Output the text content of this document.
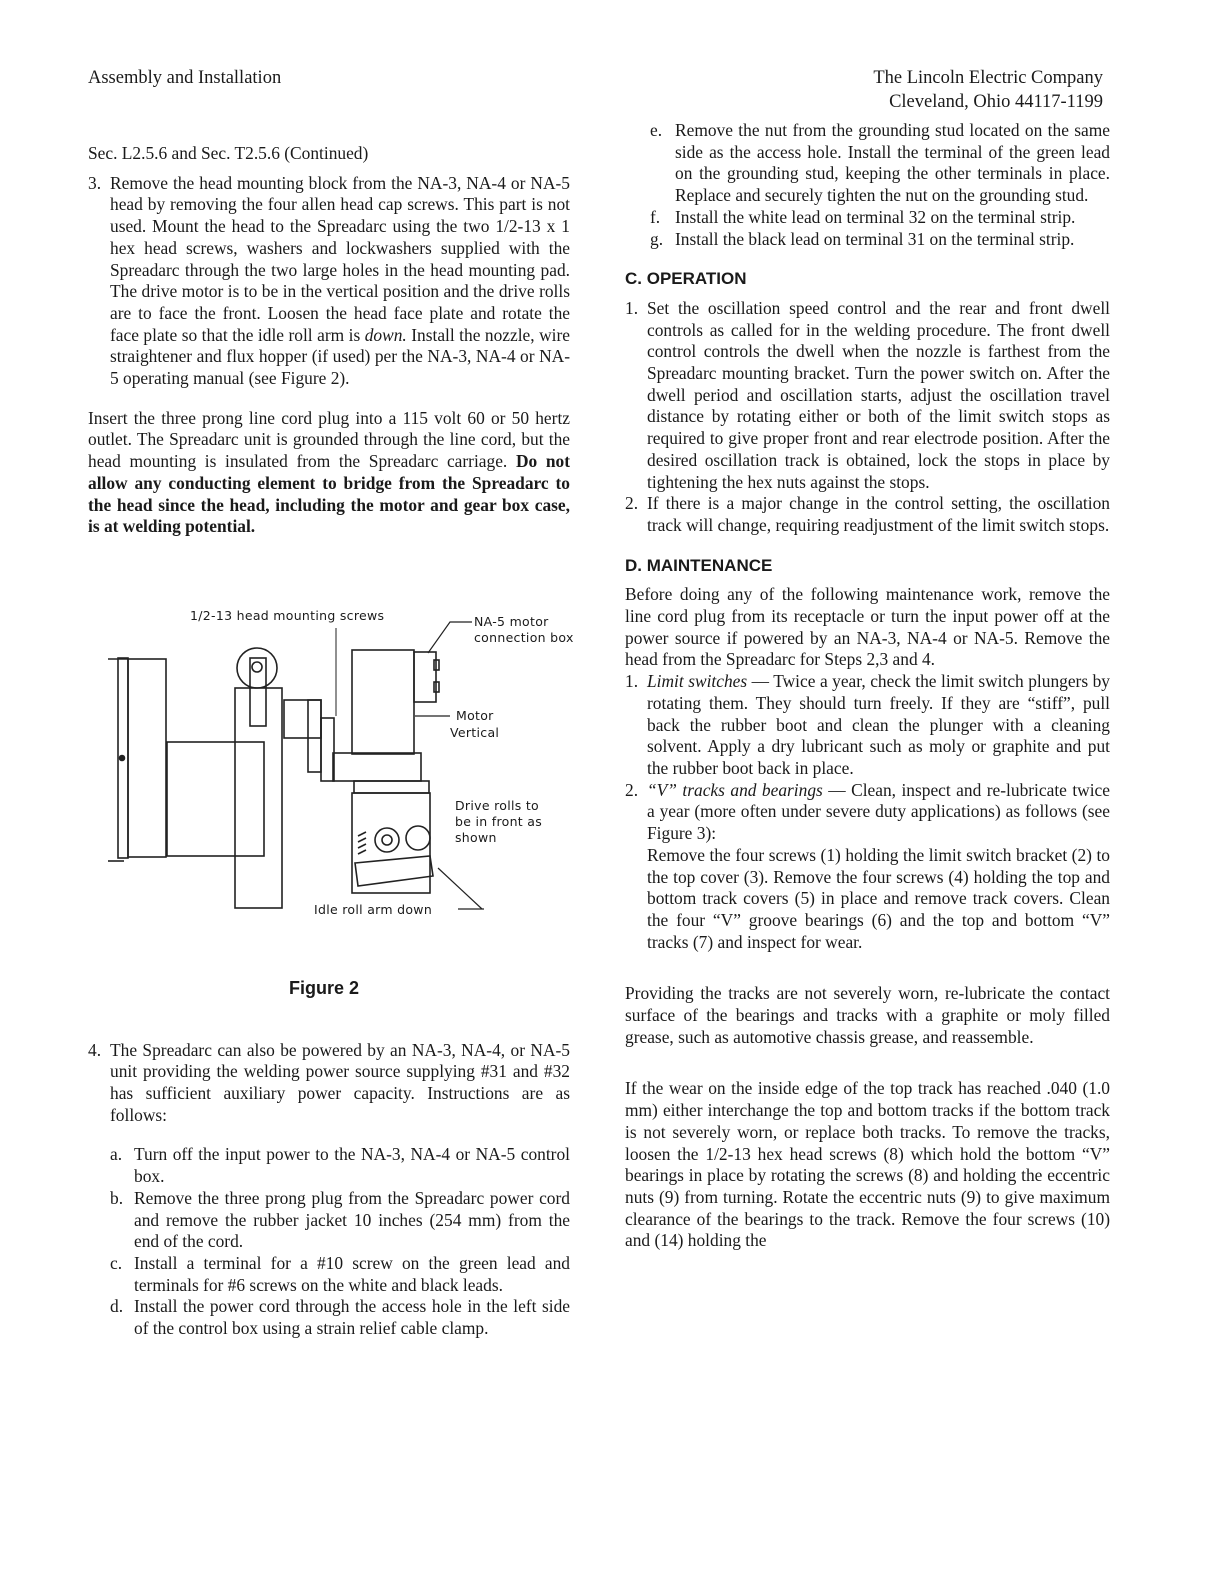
Assembly and Installation	The Lincoln Electric Company
Cleveland, Ohio 44117-1199
Sec. L2.5.6 and Sec. T2.5.6 (Continued)
3. Remove the head mounting block from the NA-3, NA-4 or NA-5 head by removing the four allen head cap screws. This part is not used. Mount the head to the Spreadarc using the two 1/2-13 x 1 hex head screws, washers and lockwashers supplied with the Spreadarc through the two large holes in the head mounting pad. The drive motor is to be in the vertical position and the drive rolls are to face the front. Loosen the head face plate and rotate the face plate so that the idle roll arm is down. Install the nozzle, wire straightener and flux hopper (if used) per the NA-3, NA-4 or NA-5 operating manual (see Figure 2).
Insert the three prong line cord plug into a 115 volt 60 or 50 hertz outlet. The Spreadarc unit is grounded through the line cord, but the head mounting is insulated from the Spreadarc carriage. Do not allow any conducting element to bridge from the Spreadarc to the head since the head, including the motor and gear box case, is at welding potential.
1/2-13 head mounting screws	NA-5 motor
connection box
Motor
Vertical
Drive rolls to
be in front as
shown
Idle roll arm down
Figure 2
4. The Spreadarc can also be powered by an NA-3, NA-4, or NA-5 unit providing the welding power source supplying #31 and #32 has sufficient auxiliary power capacity. Instructions are as follows:
a. Turn off the input power to the NA-3, NA-4 or NA-5 control box.
b. Remove the three prong plug from the Spreadarc power cord and remove the rubber jacket 10 inches (254 mm) from the end of the cord.
c. Install a terminal for a #10 screw on the green lead and terminals for #6 screws on the white and black leads.
d. Install the power cord through the access hole in the left side of the control box using a strain relief cable clamp.
e. Remove the nut from the grounding stud located on the same side as the access hole. Install the terminal of the green lead on the grounding stud, keeping the other terminals in place. Replace and securely tighten the nut on the grounding stud.
f. Install the white lead on terminal 32 on the terminal strip.
g. Install the black lead on terminal 31 on the terminal strip.
C. OPERATION
1. Set the oscillation speed control and the rear and front dwell controls as called for in the welding procedure. The front dwell control controls the dwell when the nozzle is farthest from the Spreadarc mounting bracket. Turn the power switch on. After the dwell period and oscillation starts, adjust the oscillation travel distance by rotating either or both of the limit switch stops as required to give proper front and rear electrode position. After the desired oscillation track is obtained, lock the stops in place by tightening the hex nuts against the stops.
2. If there is a major change in the control setting, the oscillation track will change, requiring readjustment of the limit switch stops.
D. MAINTENANCE
Before doing any of the following maintenance work, remove the line cord plug from its receptacle or turn the input power off at the power source if powered by an NA-3, NA-4 or NA-5. Remove the head from the Spreadarc for Steps 2,3 and 4.
1. Limit switches — Twice a year, check the limit switch plungers by rotating them. They should turn freely. If they are “stiff”, pull back the rubber boot and clean the plunger with a cleaning solvent. Apply a dry lubricant such as moly or graphite and put the rubber boot back in place.
2. “V” tracks and bearings — Clean, inspect and re-lubricate twice a year (more often under severe duty applications) as follows (see Figure 3):
Remove the four screws (1) holding the limit switch bracket (2) to the top cover (3). Remove the four screws (4) holding the top and bottom track covers (5) in place and remove track covers. Clean the four “V” groove bearings (6) and the top and bottom “V” tracks (7) and inspect for wear.
Providing the tracks are not severely worn, re-lubricate the contact surface of the bearings and tracks with a graphite or moly filled grease, such as automotive chassis grease, and reassemble.
If the wear on the inside edge of the top track has reached .040 (1.0 mm) either interchange the top and bottom tracks if the bottom track is not severely worn, or replace both tracks. To remove the tracks, loosen the 1/2-13 hex head screws (8) which hold the bottom “V” bearings in place by rotating the screws (8) and holding the eccentric nuts (9) from turning. Rotate the eccentric nuts (9) to give maximum clearance of the bearings to the track. Remove the four screws (10) and (14) holding the
